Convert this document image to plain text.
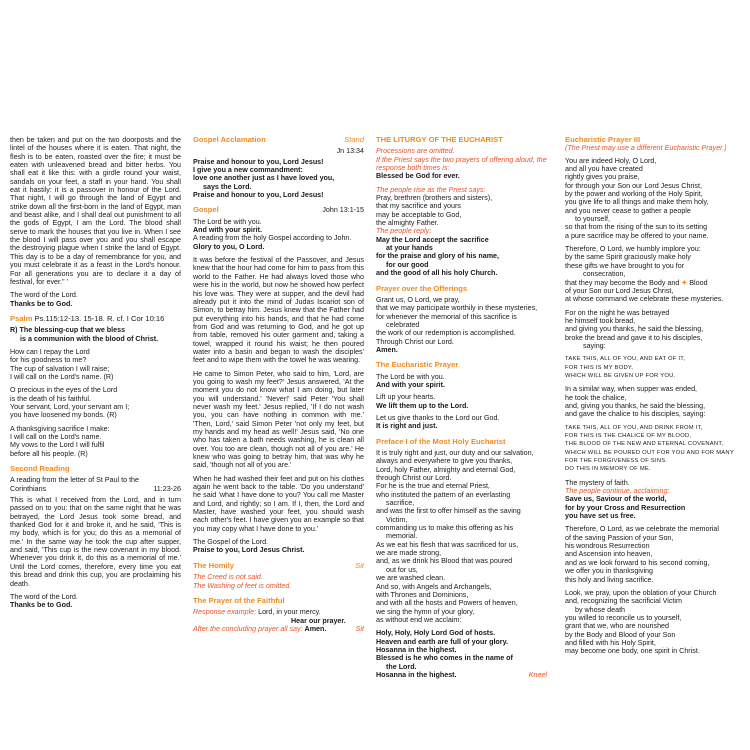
then be taken and put on the two doorposts and the lintel of the houses where it is eaten. That night, the flesh is to be eaten, roasted over the fire; it must be eaten with unleavened bread and bitter herbs. You shall eat it like this: with a girdle round your waist, sandals on your feet, a staff in your hand. You shall eat it hastily: it is a passover in honour of the Lord. That night, I will go through the land of Egypt and strike down all the first-born in the land of Egypt, man and beast alike, and I shall deal out punishment to all the gods of Egypt, I am the Lord. The blood shall serve to mark the houses that you live in. When I see the blood I will pass over you and you shall escape the destroying plague when I strike the land of Egypt. This day is to be a day of remembrance for you, and you must celebrate it as a feast in the Lord's honour. For all generations you are to declare it a day of festival, for ever." '

The word of the Lord.
Thanks be to God.
Psalm Ps.115:12-13. 15-18. R. cf. I Cor 10:16
R) The blessing-cup that we bless
is a communion with the blood of Christ.
How can I repay the Lord
for his goodness to me?
The cup of salvation I will raise;
I will call on the Lord's name. (R)
O precious in the eyes of the Lord
is the death of his faithful.
Your servant, Lord, your servant am I;
you have loosened my bonds. (R)
A thanksgiving sacrifice I make:
I will call on the Lord's name.
My vows to the Lord I will fulfil
before all his people. (R)
Second Reading
A reading from the letter of St Paul to the Corinthians	11:23-26

This is what I received from the Lord, and in turn passed on to you: that on the same night that he was betrayed, the Lord Jesus took some bread, and thanked God for it and broke it, and he said, 'This is my body, which is for you; do this as a memorial of me.' In the same way he took the cup after supper, and said, 'This cup is the new covenant in my blood. Whenever you drink it, do this as a memorial of me.' Until the Lord comes, therefore, every time you eat this bread and drink this cup, you are proclaiming his death.

The word of the Lord.
Thanks be to God.
Gospel Acclamation	Stand
Jn 13:34
Praise and honour to you, Lord Jesus!
I give you a new commandment:
love one another just as I have loved you,
says the Lord.
Praise and honour to you, Lord Jesus!
Gospel	John 13:1-15
The Lord be with you.
And with your spirit.
A reading from the holy Gospel according to John.
Glory to you, O Lord.

It was before the festival of the Passover, and Jesus knew that the hour had come for him to pass from this world to the Father. He had always loved those who were his in the world, but now he showed how perfect his love was. They were at supper, and the devil had already put it into the mind of Judas Iscariot son of Simon, to betray him. Jesus knew that the Father had put everything into his hands, and that he had come from God and was returning to God, and he got up from table, removed his outer garment and, taking a towel, wrapped it round his waist; he then poured water into a basin and began to wash the disciples' feet and to wipe them with the towel he was wearing.

He came to Simon Peter, who said to him, 'Lord, are you going to wash my feet?' Jesus answered, 'At the moment you do not know what I am doing, but later you will understand.' 'Never!' said Peter 'You shall never wash my feet.' Jesus replied, 'If I do not wash you, you can have nothing in common with me.' 'Then, Lord,' said Simon Peter 'not only my feet, but my hands and my head as well!' Jesus said, 'No one who has taken a bath needs washing, he is clean all over. You too are clean, though not all of you are.' He knew who was going to betray him, that was why he said, 'though not all of you are.'

When he had washed their feet and put on his clothes again he went back to the table. 'Do you understand' he said 'what I have done to you? You call me Master and Lord, and rightly; so I am. If I, then, the Lord and Master, have washed your feet, you should wash each other's feet. I have given you an example so that you may copy what I have done to you.'

The Gospel of the Lord.
Praise to you, Lord Jesus Christ.
The Homily	Sit
The Creed is not said.
The Washing of feet is omitted.
The Prayer of the Faithful
Response example: Lord, in your mercy.
Hear our prayer.
After the concluding prayer all say: Amen.	Sit
THE LITURGY OF THE EUCHARIST
Processions are omitted.
If the Priest says the two prayers of offering aloud, the response both times is:
Blessed be God for ever.
The people rise as the Priest says:
Pray, brethren (brothers and sisters),
that my sacrifice and yours
may be acceptable to God,
the almighty Father.
The people reply:
May the Lord accept the sacrifice
at your hands
for the praise and glory of his name,
for our good
and the good of all his holy Church.
Prayer over the Offerings
Grant us, O Lord, we pray,
that we may participate worthily in these mysteries,
for whenever the memorial of this sacrifice is
celebrated
the work of our redemption is accomplished.
Through Christ our Lord.
Amen.
The Eucharistic Prayer
The Lord be with you.
And with your spirit.
Lift up your hearts.
We lift them up to the Lord.
Let us give thanks to the Lord our God.
It is right and just.
Preface I of the Most Holy Eucharist
It is truly right and just, our duty and our salvation,
always and everywhere to give you thanks,
Lord, holy Father, almighty and eternal God,
through Christ our Lord.
For he is the true and eternal Priest,
who instituted the pattern of an everlasting
sacrifice,
and was the first to offer himself as the saving
Victim,
commanding us to make this offering as his
memorial.
As we eat his flesh that was sacrificed for us,
we are made strong,
and, as we drink his Blood that was poured
out for us,
we are washed clean.
And so, with Angels and Archangels,
with Thrones and Dominions,
and with all the hosts and Powers of heaven,
we sing the hymn of your glory,
as without end we acclaim:
Holy, Holy, Holy Lord God of hosts.
Heaven and earth are full of your glory.
Hosanna in the highest.
Blessed is he who comes in the name of
the Lord.
Hosanna in the highest.	Kneel
Eucharistic Prayer III
(The Priest may use a different Eucharistic Prayer.)
You are indeed Holy, O Lord,
and all you have created
rightly gives you praise,
for through your Son our Lord Jesus Christ,
by the power and working of the Holy Spirit,
you give life to all things and make them holy,
and you never cease to gather a people
to yourself,
so that from the rising of the sun to its setting
a pure sacrifice may be offered to your name.
Therefore, O Lord, we humbly implore you:
by the same Spirit graciously make holy
these gifts we have brought to you for
consecration,
that they may become the Body and ✦ Blood
of your Son our Lord Jesus Christ,
at whose command we celebrate these mysteries.
For on the night he was betrayed
he himself took bread,
and giving you thanks, he said the blessing,
broke the bread and gave it to his disciples,
saying:
TAKE THIS, ALL OF YOU, AND EAT OF IT,
FOR THIS IS MY BODY,
WHICH WILL BE GIVEN UP FOR YOU.
In a similar way, when supper was ended,
he took the chalice,
and, giving you thanks, he said the blessing,
and gave the chalice to his disciples, saying:
TAKE THIS, ALL OF YOU, AND DRINK FROM IT,
FOR THIS IS THE CHALICE OF MY BLOOD,
THE BLOOD OF THE NEW AND ETERNAL COVENANT,
WHICH WILL BE POURED OUT FOR YOU AND FOR MANY
FOR THE FORGIVENESS OF SINS.
DO THIS IN MEMORY OF ME.
The mystery of faith.
The people continue, acclaiming:
Save us, Saviour of the world,
for by your Cross and Resurrection
you have set us free.
Therefore, O Lord, as we celebrate the memorial
of the saving Passion of your Son,
his wondrous Resurrection
and Ascension into heaven,
and as we look forward to his second coming,
we offer you in thanksgiving
this holy and living sacrifice.
Look, we pray, upon the oblation of your Church
and, recognizing the sacrificial Victim
by whose death
you willed to reconcile us to yourself,
grant that we, who are nourished
by the Body and Blood of your Son
and filled with his Holy Spirit,
may become one body, one spirit in Christ.
